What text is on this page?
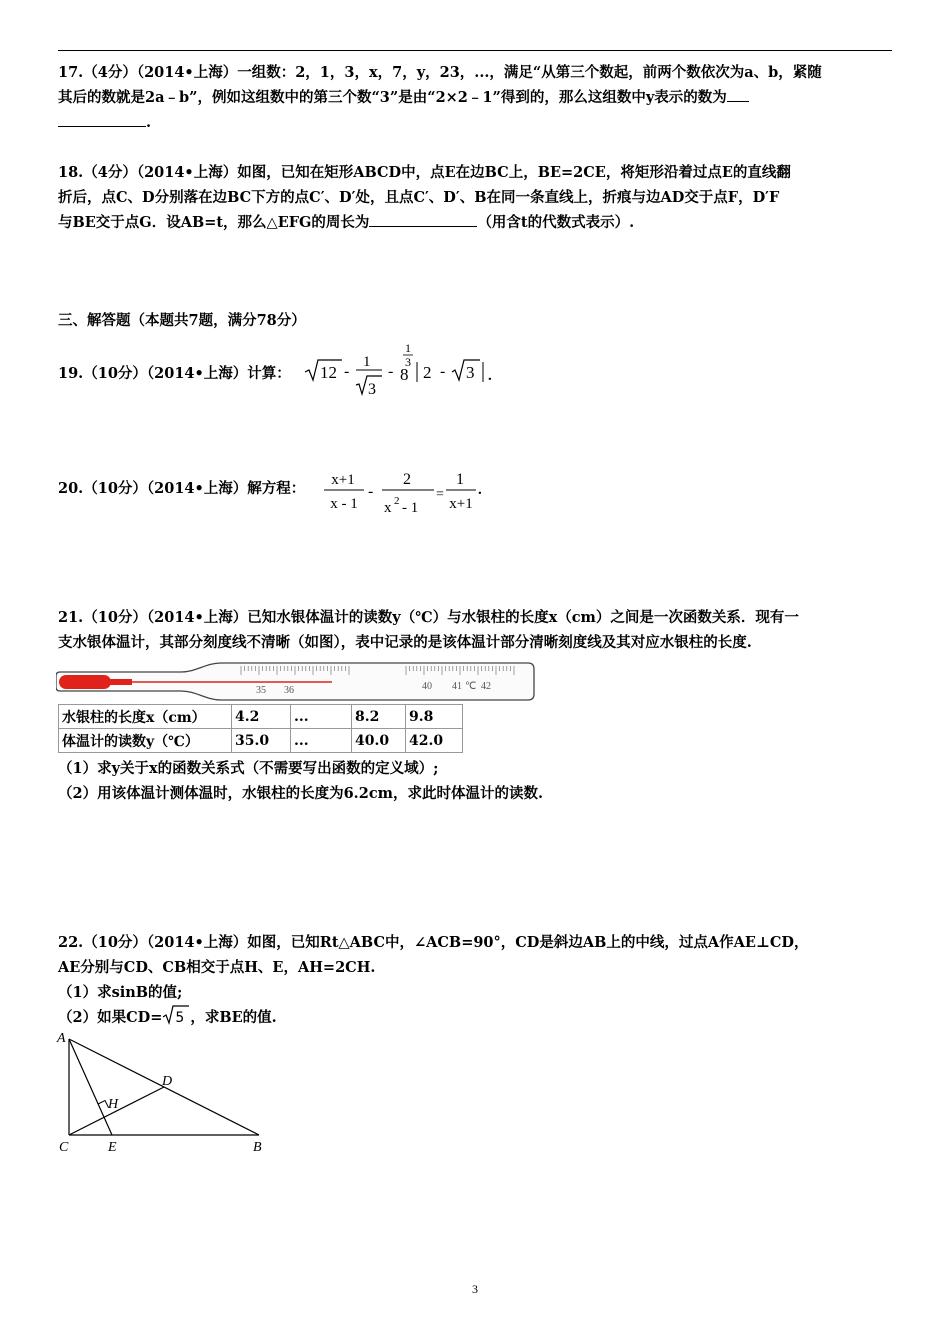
17.（4分）（2014•上海）一组数：2，1，3，x，7，y，23，...，满足“从第三个数起，前两个数依次为a、b，紧随
其后的数就是2a﹣b”，例如这组数中的第三个数“3”是由“2×2﹣1”得到的，那么这组数中y表示的数为
.
18.（4分）（2014•上海）如图，已知在矩形ABCD中，点E在边BC上，BE=2CE，将矩形沿着过点E的直线翻
折后，点C、D分别落在边BC下方的点C′、D′处，且点C′、D′、B在同一条直线上，折痕与边AD交于点F，D′F
与BE交于点G．设AB=t，那么△EFG的周长为	（用含t的代数式表示）.
三、解答题（本题共7题，满分78分）
19.（10分）（2014•上海）计算：	12 -
1
3
-
1
3
8 2 - 3 .
20.（10分）（2014•上海）解方程：	x+1
x - 1
-
2
x 2 - 1
=
1
x+1
.
21.（10分）（2014•上海）已知水银体温计的读数y（℃）与水银柱的长度x（cm）之间是一次函数关系．现有一
支水银体温计，其部分刻度线不清晰（如图），表中记录的是该体温计部分清晰刻度线及其对应水银柱的长度.
35 36	40 41 ℃ 42
水银柱的长度x（cm）	4.2	...	8.2	9.8
体温计的读数y（℃）	35.0	...	40.0	42.0
（1）求y关于x的函数关系式（不需要写出函数的定义域）;
（2）用该体温计测体温时，水银柱的长度为6.2cm，求此时体温计的读数.
22.（10分）（2014•上海）如图，已知Rt△ABC中，∠ACB=90°，CD是斜边AB上的中线，过点A作AE⊥CD，
AE分别与CD、CB相交于点H、E，AH=2CH.
（1）求sinB的值;
（2）如果CD= 5 ，求BE的值.
A
C	E	B
D
H
3
